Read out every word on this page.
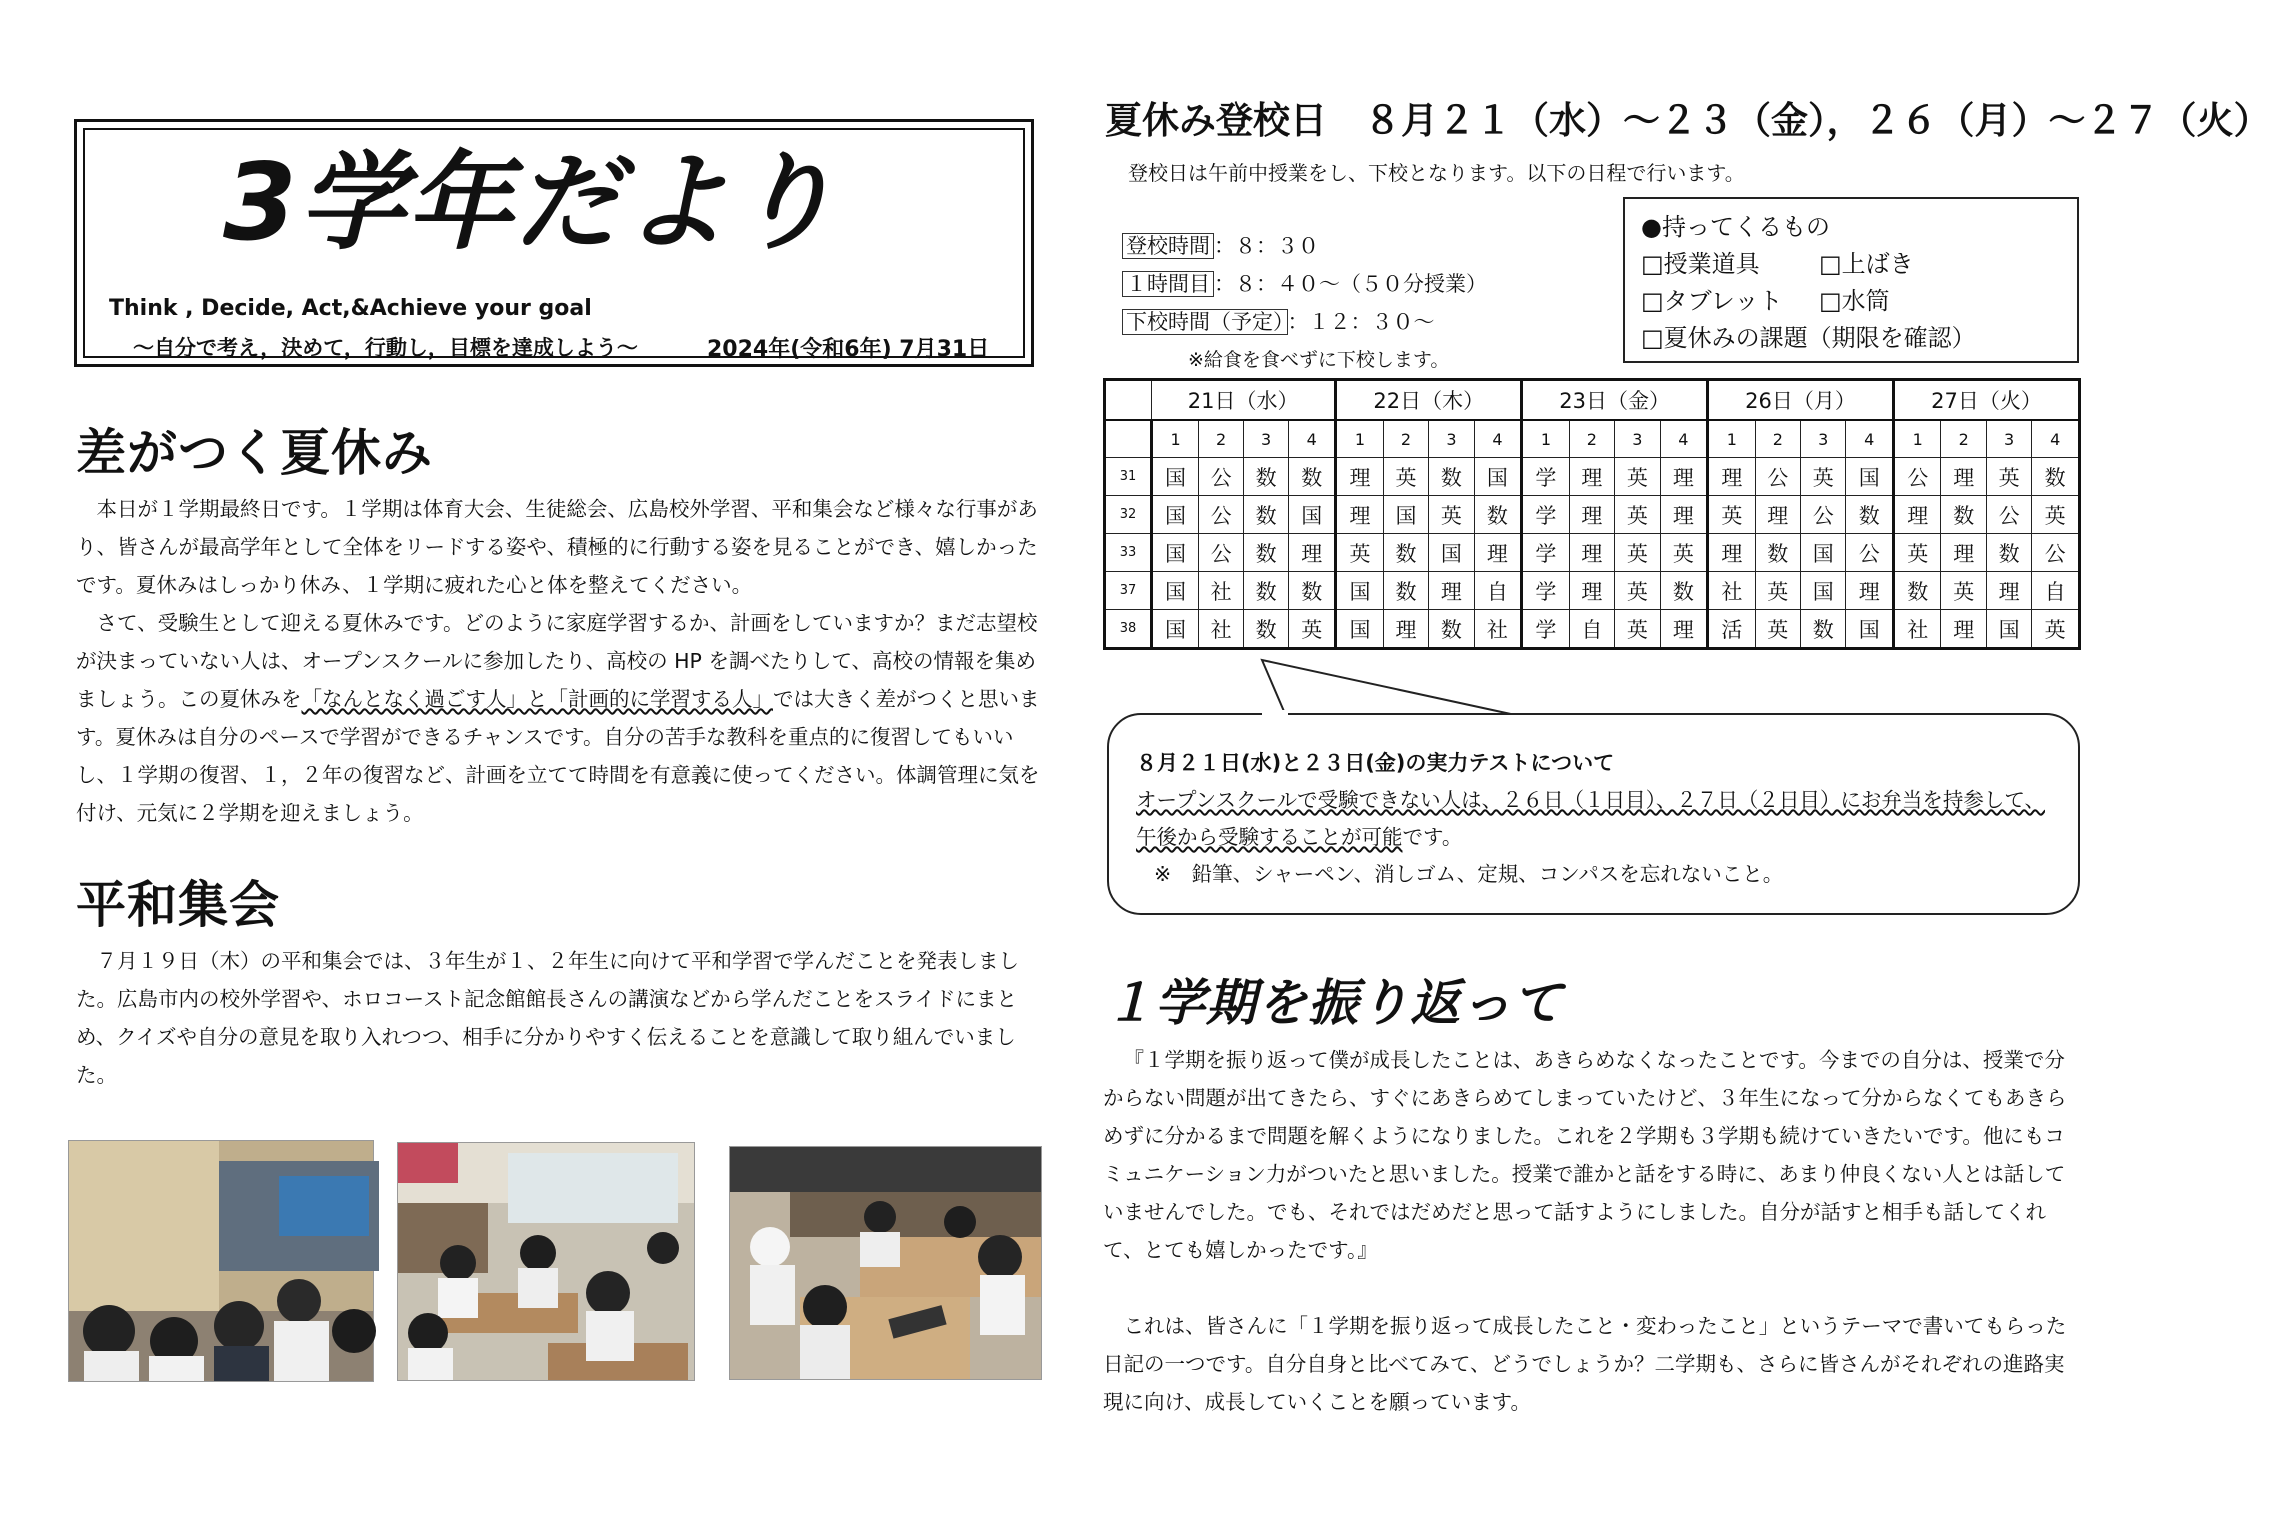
3学年だより
Think , Decide, Act,&Achieve your goal
～自分で考え，決めて，行動し，目標を達成しよう～	2024年(令和6年) 7月31日
差がつく夏休み

本日が１学期最終日です。１学期は体育大会、生徒総会、広島校外学習、平和集会など様々な行事があり、皆さんが最高学年として全体をリードする姿や、積極的に行動する姿を見ることができ、嬉しかったです。夏休みはしっかり休み、１学期に疲れた心と体を整えてください。

さて、受験生として迎える夏休みです。どのように家庭学習するか、計画をしていますか？まだ志望校が決まっていない人は、オープンスクールに参加したり、高校の HP を調べたりして、高校の情報を集めましょう。この夏休みを「なんとなく過ごす人」と「計画的に学習する人」では大きく差がつくと思います。夏休みは自分のペースで学習ができるチャンスです。自分の苦手な教科を重点的に復習してもいいし、１学期の復習、１，２年の復習など、計画を立てて時間を有意義に使ってください。体調管理に気を付け、元気に２学期を迎えましょう。

平和集会

７月１９日（木）の平和集会では、３年生が１、２年生に向けて平和学習で学んだことを発表しました。広島市内の校外学習や、ホロコースト記念館館長さんの講演などから学んだことをスライドにまとめ、クイズや自分の意見を取り入れつつ、相手に分かりやすく伝えることを意識して取り組んでいました。

夏休み登校日　８月２１（水）～２３（金），２６（月）～２７（火）
登校日は午前中授業をし、下校となります。以下の日程で行います。
登校時間 ：８：３０
１時間目 ：８：４０～（５０分授業）
下校時間（予定） ：１２：３０～
※給食を食べずに下校します。
●持ってくるもの
□授業道具 □上ばき
□タブレット □水筒
□夏休みの課題（期限を確認）
	21日（水）				22日（木）				23日（金）				26日（月）				27日（火）			
	1	2	3	4	1	2	3	4	1	2	3	4	1	2	3	4	1	2	3	4
31	国	公	数	数	理	英	数	国	学	理	英	理	理	公	英	国	公	理	英	数
32	国	公	数	国	理	国	英	数	学	理	英	理	英	理	公	数	理	数	公	英
33	国	公	数	理	英	数	国	理	学	理	英	英	理	数	国	公	英	理	数	公
37	国	社	数	数	国	数	理	自	学	理	英	数	社	英	国	理	数	英	理	自
38	国	社	数	英	国	理	数	社	学	自	英	理	活	英	数	国	社	理	国	英
８月２１日(水)と２３日(金)の実力テストについて
オープンスクールで受験できない人は、２６日（１日目）、２７日（２日目）にお弁当を持参して、午後から受験することが可能です。
※　鉛筆、シャーペン、消しゴム、定規、コンパスを忘れないこと。
１学期を振り返って

『１学期を振り返って僕が成長したことは、あきらめなくなったことです。今までの自分は、授業で分からない問題が出てきたら、すぐにあきらめてしまっていたけど、３年生になって分からなくてもあきらめずに分かるまで問題を解くようになりました。これを２学期も３学期も続けていきたいです。他にもコミュニケーション力がついたと思いました。授業で誰かと話をする時に、あまり仲良くない人とは話していませんでした。でも、それではだめだと思って話すようにしました。自分が話すと相手も話してくれて、とても嬉しかったです。』

これは、皆さんに「１学期を振り返って成長したこと・変わったこと」というテーマで書いてもらった日記の一つです。自分自身と比べてみて、どうでしょうか？二学期も、さらに皆さんがそれぞれの進路実現に向け、成長していくことを願っています。
